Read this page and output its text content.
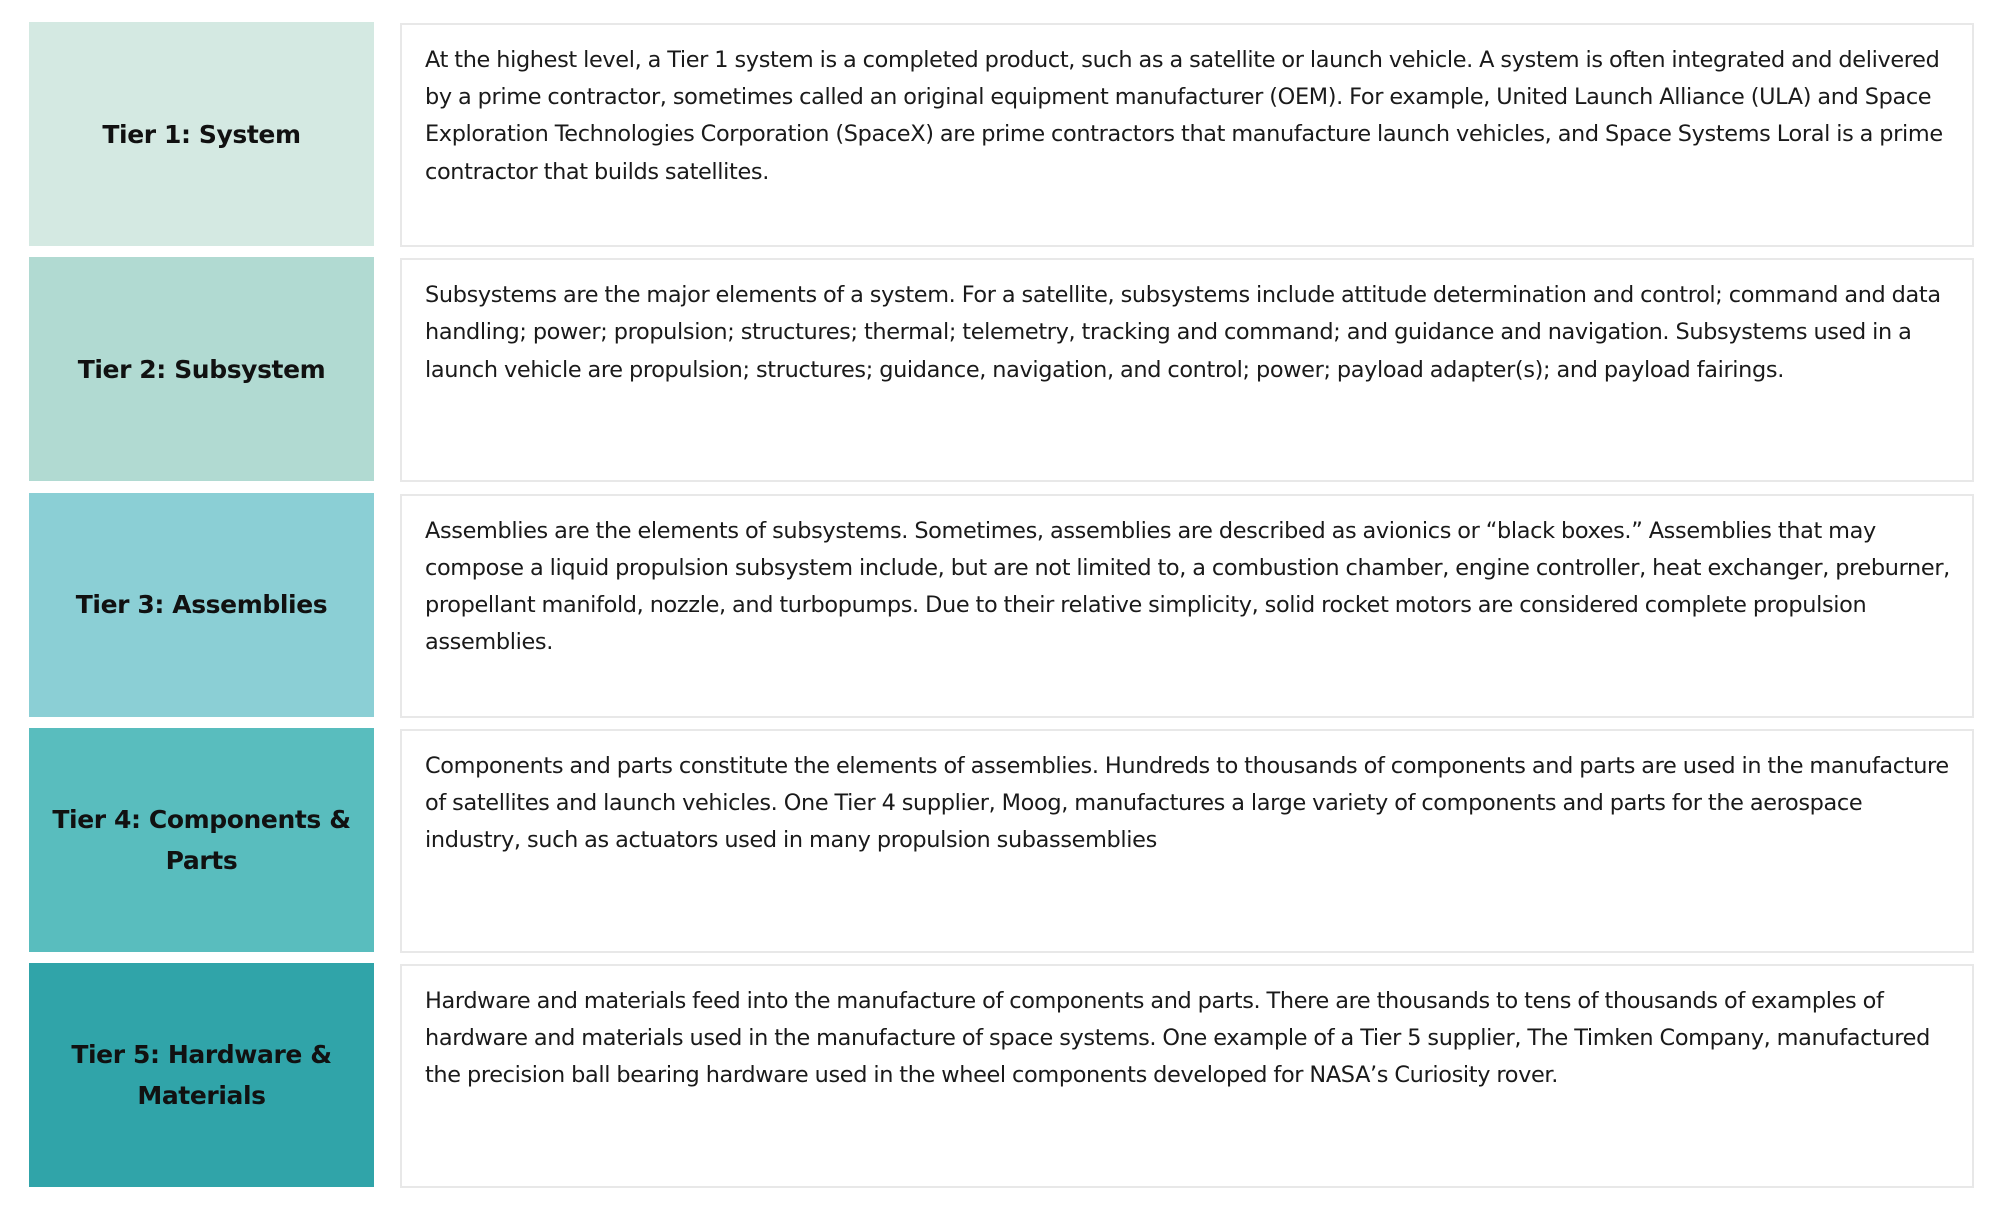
Tier 1: System

At the highest level, a Tier 1 system is a completed product, such as a satellite or launch vehicle. A system is often integrated and delivered by a prime contractor, sometimes called an original equipment manufacturer (OEM). For example, United Launch Alliance (ULA) and Space Exploration Technologies Corporation (SpaceX) are prime contractors that manufacture launch vehicles, and Space Systems Loral is a prime contractor that builds satellites.

Tier 2: Subsystem

Subsystems are the major elements of a system. For a satellite, subsystems include attitude determination and control; command and data handling; power; propulsion; structures; thermal; telemetry, tracking and command; and guidance and navigation. Subsystems used in a launch vehicle are propulsion; structures; guidance, navigation, and control; power; payload adapter(s); and payload fairings.

Tier 3: Assemblies

Assemblies are the elements of subsystems. Sometimes, assemblies are described as avionics or “black boxes.” Assemblies that may compose a liquid propulsion subsystem include, but are not limited to, a combustion chamber, engine controller, heat exchanger, preburner, propellant manifold, nozzle, and turbopumps. Due to their relative simplicity, solid rocket motors are considered complete propulsion assemblies.

Tier 4: Components & Parts

Components and parts constitute the elements of assemblies. Hundreds to thousands of components and parts are used in the manufacture of satellites and launch vehicles. One Tier 4 supplier, Moog, manufactures a large variety of components and parts for the aerospace industry, such as actuators used in many propulsion subassemblies

Tier 5: Hardware & Materials

Hardware and materials feed into the manufacture of components and parts. There are thousands to tens of thousands of examples of hardware and materials used in the manufacture of space systems. One example of a Tier 5 supplier, The Timken Company, manufactured the precision ball bearing hardware used in the wheel components developed for NASA’s Curiosity rover.
